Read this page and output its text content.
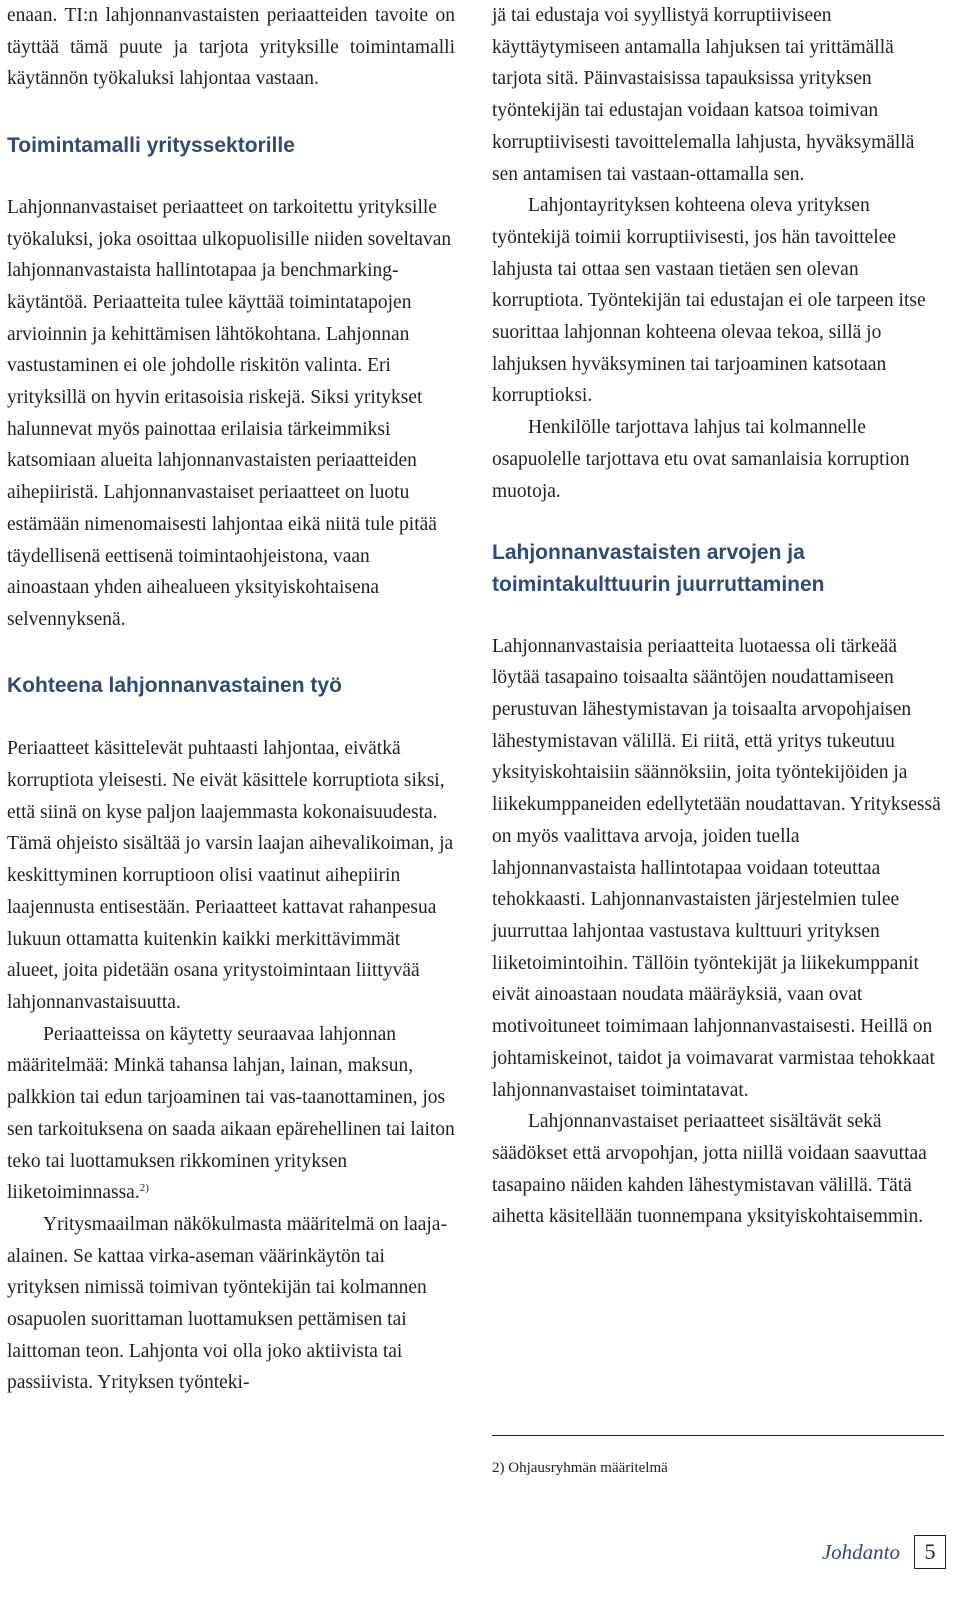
enaan. TI:n lahjonnanvastaisten periaatteiden tavoite on täyttää tämä puute ja tarjota yrityksille toimintamalli käytännön työkaluksi lahjontaa vastaan.

Toimintamalli yrityssektorille

Lahjonnanvastaiset periaatteet on tarkoitettu yrityksille työkaluksi, joka osoittaa ulkopuolisille niiden soveltavan lahjonnanvastaista hallintotapaa ja benchmarking-käytäntöä. Periaatteita tulee käyttää toimintatapojen arvioinnin ja kehittämisen lähtökohtana. Lahjonnan vastustaminen ei ole johdolle riskitön valinta. Eri yrityksillä on hyvin eritasoisia riskejä. Siksi yritykset halunnevat myös painottaa erilaisia tärkeimmiksi katsomiaan alueita lahjonnanvastaisten periaatteiden aihepiiristä. Lahjonnanvastaiset periaatteet on luotu estämään nimenomaisesti lahjontaa eikä niitä tule pitää täydellisenä eettisenä toimintaohjeistona, vaan ainoastaan yhden aihealueen yksityiskohtaisena selvennyksenä.

Kohteena lahjonnanvastainen työ

Periaatteet käsittelevät puhtaasti lahjontaa, eivätkä korruptiota yleisesti. Ne eivät käsittele korruptiota siksi, että siinä on kyse paljon laajemmasta kokonaisuudesta. Tämä ohjeisto sisältää jo varsin laajan aihevalikoiman, ja keskittyminen korruptioon olisi vaatinut aihepiirin laajennusta entisestään. Periaatteet kattavat rahanpesua lukuun ottamatta kuitenkin kaikki merkittävimmät alueet, joita pidetään osana yritystoimintaan liittyvää lahjonnanvastaisuutta.

Periaatteissa on käytetty seuraavaa lahjonnan määritelmää: Minkä tahansa lahjan, lainan, maksun, palkkion tai edun tarjoaminen tai vas-taanottaminen, jos sen tarkoituksena on saada aikaan epärehellinen tai laiton teko tai luottamuksen rikkominen yrityksen liiketoiminnassa.$^{2)}$

Yritysmaailman näkökulmasta määritelmä on laaja-alainen. Se kattaa virka-aseman väärinkäytön tai yrityksen nimissä toimivan työntekijän tai kolmannen osapuolen suorittaman luottamuksen pettämisen tai laittoman teon. Lahjonta voi olla joko aktiivista tai passiivista. Yrityksen työnteki-

jä tai edustaja voi syyllistyä korruptiiviseen käyttäytymiseen antamalla lahjuksen tai yrittämällä tarjota sitä. Päinvastaisissa tapauksissa yrityksen työntekijän tai edustajan voidaan katsoa toimivan korruptiivisesti tavoittelemalla lahjusta, hyväksymällä sen antamisen tai vastaan-ottamalla sen.

Lahjontayrityksen kohteena oleva yrityksen työntekijä toimii korruptiivisesti, jos hän tavoittelee lahjusta tai ottaa sen vastaan tietäen sen olevan korruptiota. Työntekijän tai edustajan ei ole tarpeen itse suorittaa lahjonnan kohteena olevaa tekoa, sillä jo lahjuksen hyväksyminen tai tarjoaminen katsotaan korruptioksi.

Henkilölle tarjottava lahjus tai kolmannelle osapuolelle tarjottava etu ovat samanlaisia korruption muotoja.

Lahjonnanvastaisten arvojen ja toimintakulttuurin juurruttaminen

Lahjonnanvastaisia periaatteita luotaessa oli tärkeää löytää tasapaino toisaalta sääntöjen noudattamiseen perustuvan lähestymistavan ja toisaalta arvopohjaisen lähestymistavan välillä. Ei riitä, että yritys tukeutuu yksityiskohtaisiin säännöksiin, joita työntekijöiden ja liikekumppaneiden edellytetään noudattavan. Yrityksessä on myös vaalittava arvoja, joiden tuella lahjonnanvastaista hallintotapaa voidaan toteuttaa tehokkaasti. Lahjonnanvastaisten järjestelmien tulee juurruttaa lahjontaa vastustava kulttuuri yrityksen liiketoimintoihin. Tällöin työntekijät ja liikekumppanit eivät ainoastaan noudata määräyksiä, vaan ovat motivoituneet toimimaan lahjonnanvastaisesti. Heillä on johtamiskeinot, taidot ja voimavarat varmistaa tehokkaat lahjonnanvastaiset toimintatavat.

Lahjonnanvastaiset periaatteet sisältävät sekä säädökset että arvopohjan, jotta niillä voidaan saavuttaa tasapaino näiden kahden lähestymistavan välillä. Tätä aihetta käsitellään tuonnempana yksityiskohtaisemmin.

2) Ohjausryhmän määritelmä
Johdanto	5
